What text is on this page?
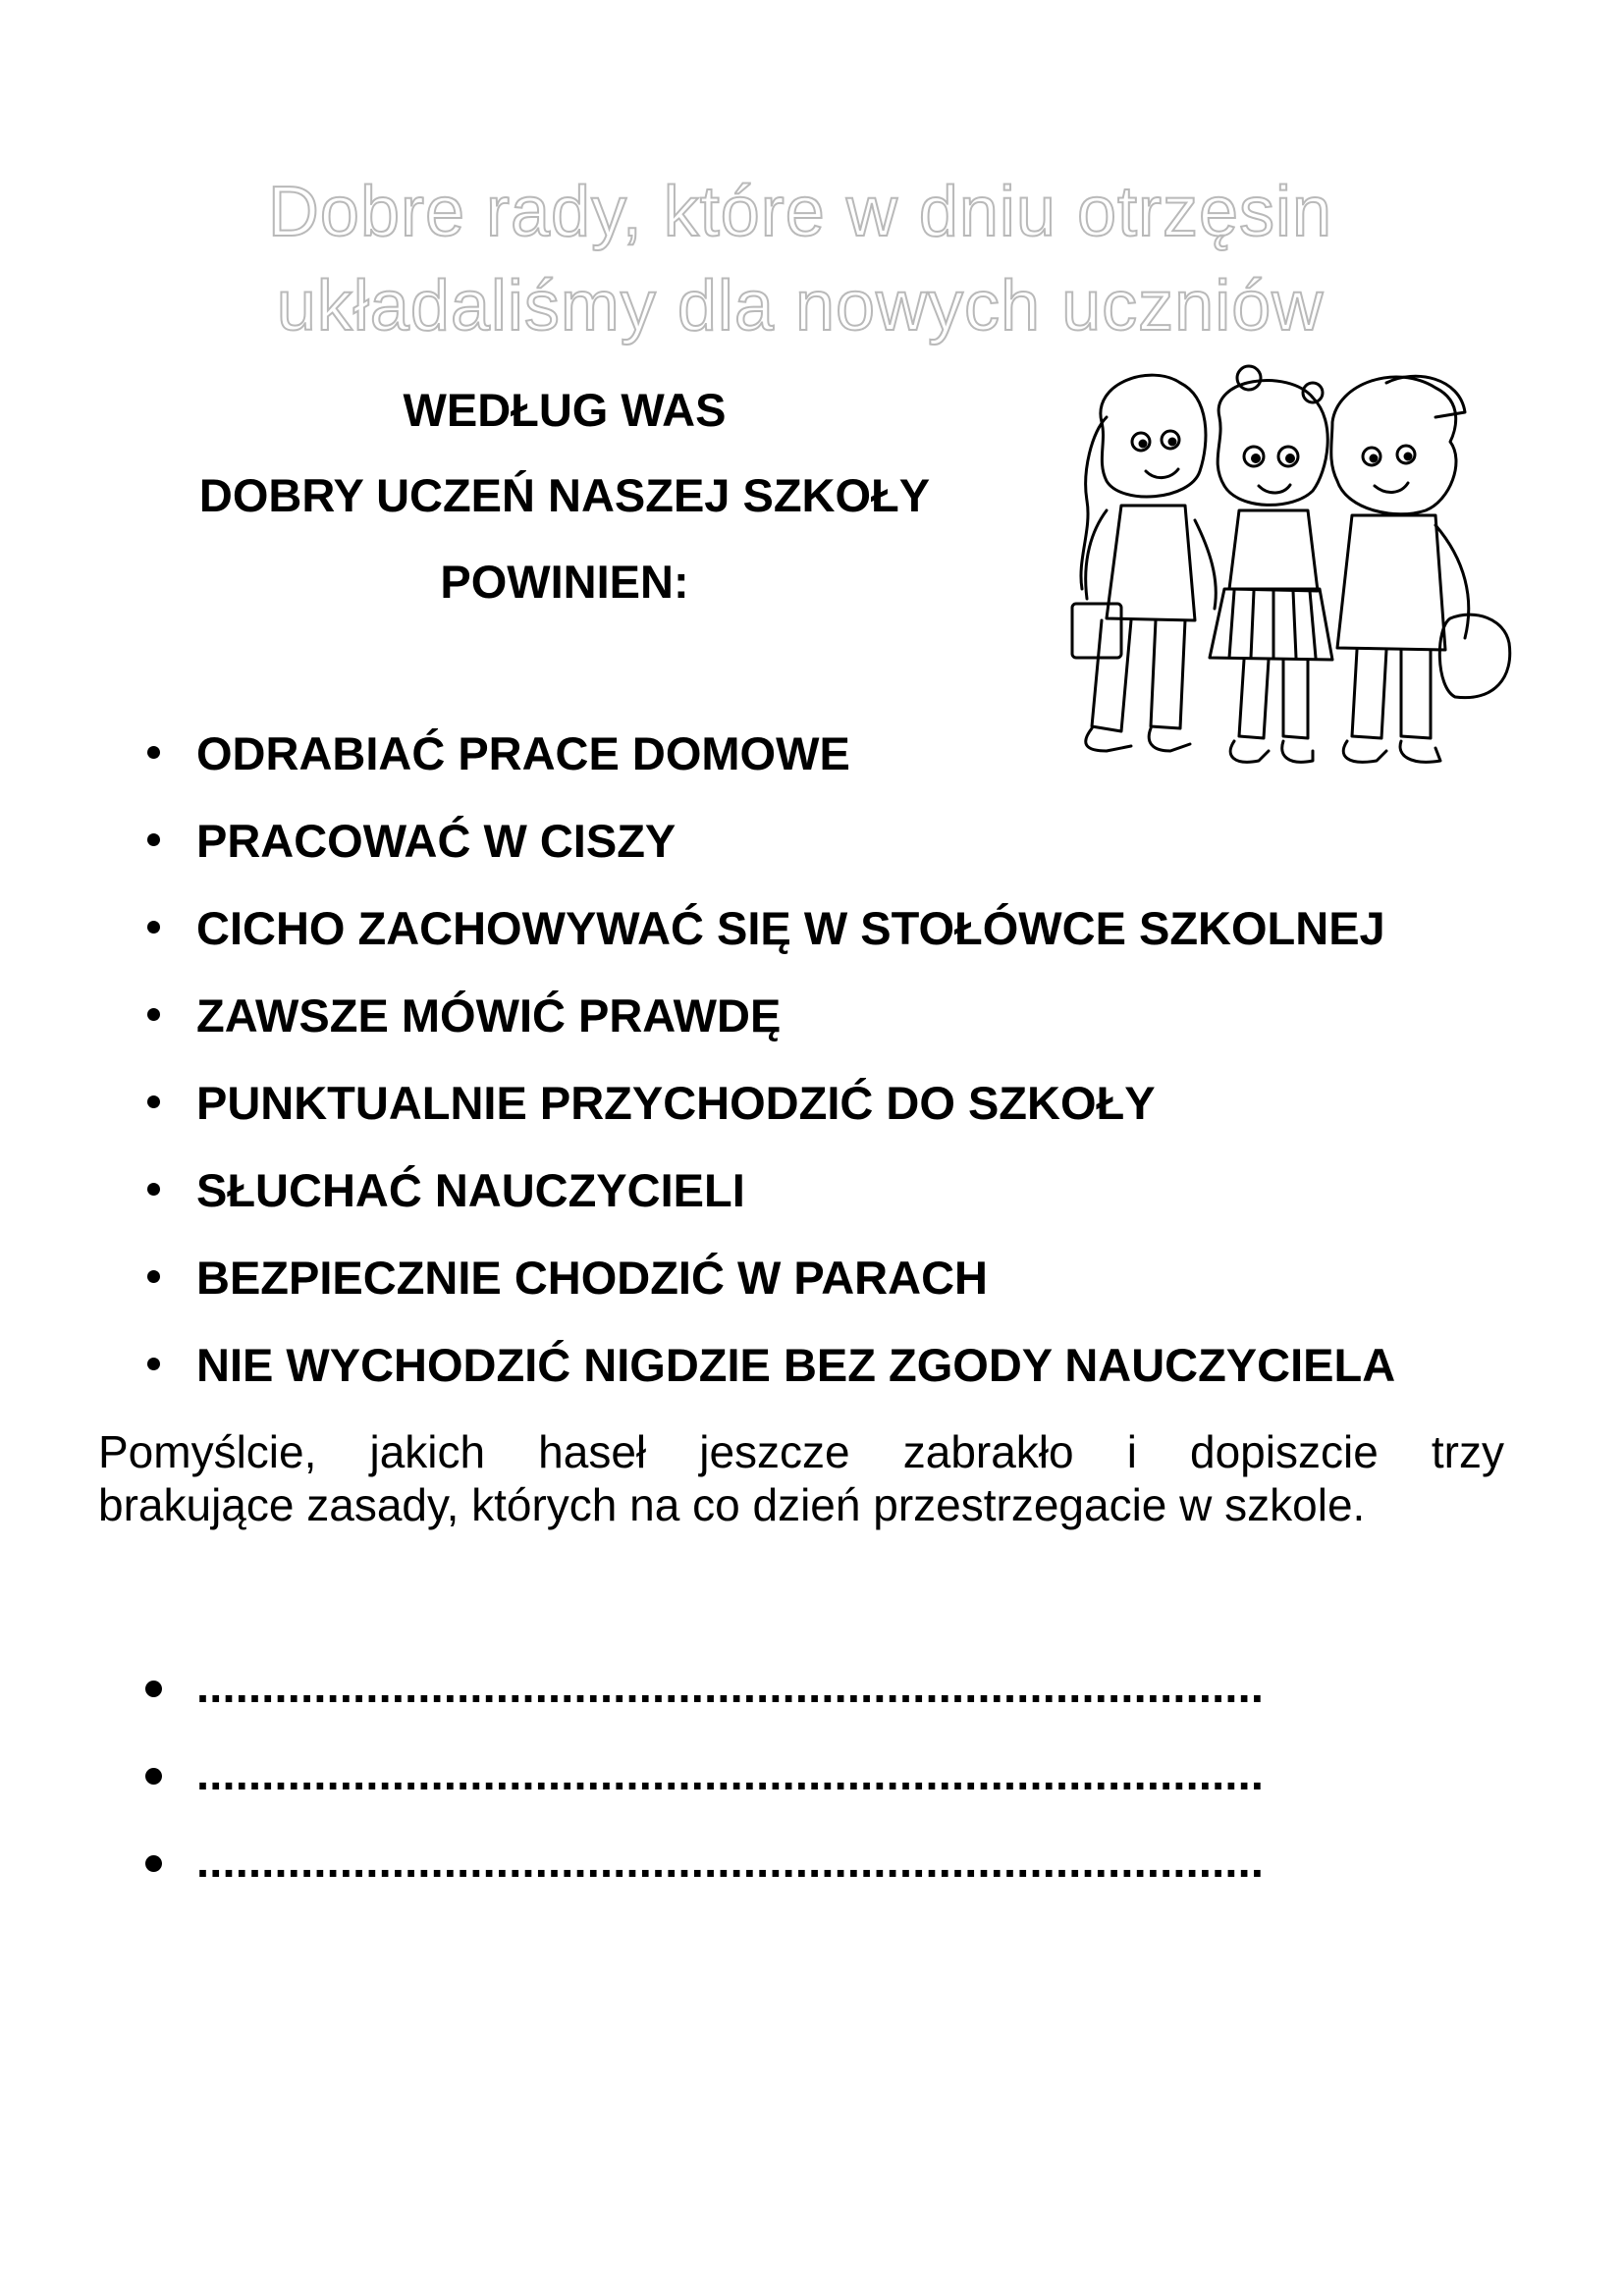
Dobre rady, które w dniu otrzęsin
układaliśmy dla nowych uczniów
WEDŁUG WAS
DOBRY UCZEŃ NASZEJ SZKOŁY
POWINIEN:
ODRABIAĆ PRACE DOMOWE
PRACOWAĆ W CISZY
CICHO ZACHOWYWAĆ SIĘ W STOŁÓWCE SZKOLNEJ
ZAWSZE MÓWIĆ PRAWDĘ
PUNKTUALNIE PRZYCHODZIĆ DO SZKOŁY
SŁUCHAĆ NAUCZYCIELI
BEZPIECZNIE CHODZIĆ W PARACH
NIE WYCHODZIĆ NIGDZIE BEZ ZGODY NAUCZYCIELA
Pomyślcie, jakich haseł jeszcze zabrakło i dopiszcie trzy
brakujące zasady, których na co dzień przestrzegacie w szkole.
..................................................................................
..................................................................................
..................................................................................
